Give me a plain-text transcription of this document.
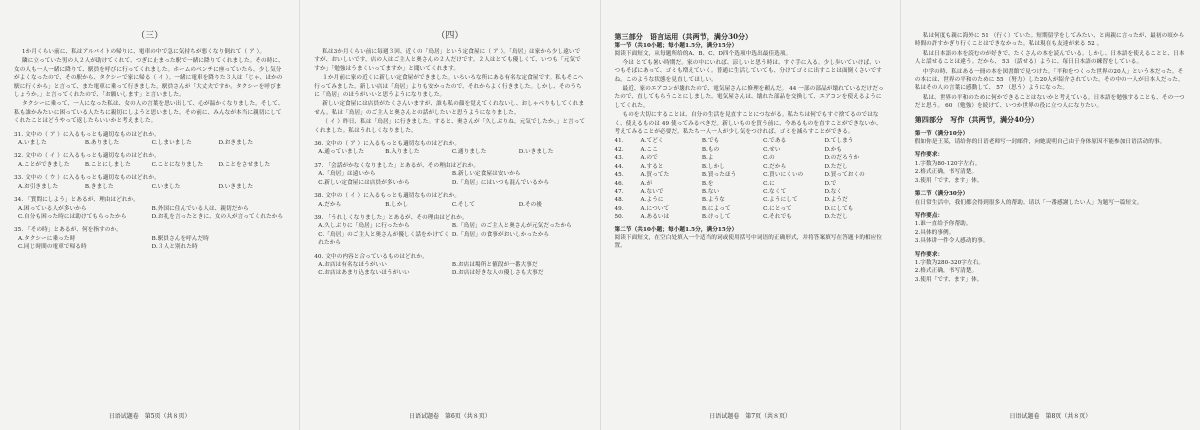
（三）

1か月くらい前に、私はアルバイトの帰りに、電車の中で急に気持ちが悪くなり倒れて（ ア ）。

隣に立っていた男の人２人が助けてくれて、つぎに止まった駅で一緒に降りてくれました。その時に、女の人も一人一緒に降りて、駅員を呼びに行ってくれました。ホームのベンチに座っていたら、少し気分がよくなったので、その駅から、タクシーで家に帰る（ イ ）。一緒に電車を降りた３人は「じゃ、ほかの駅に行くから」と言って、また電車に乗って行きました。駅員さんが「大丈夫ですか。タクシーを呼びましょうか。」と言ってくれたので、「お願いします」と言いました。

タクシーに乗って、一人になった私は、女の人の言葉を思い出して、心が温かくなりました。そして、私も誰かみたいに困っている人たちに親切にしようと思いました。その前に、みんなが本当に親切にしてくれたことはどうやって返したらいいかと考えました。

31. 文中の（ ア ）に入るもっとも適切なものはどれか。
A.いました	B.ありました	C.しまいました	D.おきました
32. 文中の（ イ ）に入るもっとも適切なものはどれか。
A.ことができました	B.ことにしました	C.ことになりました	D.ことをさせました
33. 文中の（ ウ ）に入るもっとも適切なものはどれか。
A.お引きました	B.きました	C.いました	D.いきました
34. 「質問にしよう」とあるが、理由はどれか。
A.困っている人が多いから	B.外国に住んでいる人は、親切だから
C.自分も困った時には助けてもらったから	D.お礼を言ったときに、女の人が言ってくれたから
35. 「その時」とあるが、何を指すのか。
A.タクシーに乗った時	B.駅員さんを呼んだ時
C.同じ時間の電車で帰る時	D.３人と別れた時
日语试题卷　第5页（共８页）
（四）

私は3か月くらい前に毎週３回、近くの「鳥居」という定食屋に（ ア ）。「鳥居」は家から少し遠いですが、おいしいです。店の人はご主人と奥さんの２人だけです。２人はとても優しくて、いつも「元気ですか」「勉強はうまくいってますか」と聞いてくれます。

１か月前に家の近くに新しい定食屋ができました。いろいろな所にある有名な定食屋です。私もそこへ行ってみました。新しい店は「鳥居」よりも安かったので、それからよく行きました。しかし、そのうちに「鳥居」のほうがいいと思うようになりました。

新しい定食屋には店員がたくさんいますが、誰も私の顔を覚えてくれないし、おしゃべりもしてくれません。私は「鳥居」のご主人と奥さんとの話がしたいと思うようになりました。

（ イ ）昨日、私は「鳥居」に行きました。すると、奥さんが「久しぶりね。元気でしたか。」と言ってくれました。私はうれしくなりました。

36. 文中の（ ア ）に入るもっとも適切なものはどれか。
A.通っていました	B.入りました	C.通りました	D.いきました
37. 「会話がかなくなりました」とあるが、その理由はどれか。
A.「鳥居」は遠いから	B.新しい定食屋は安いから
C.新しい定食屋には店員が多いから	D.「鳥居」にはいつも混んでいるから
38. 文中の（ イ ）に入るもっとも適切なものはどれか。
A.だから	B.しかし	C.そして	D.その後
39. 「うれしくなりました」とあるが、その理由はどれか。
A.久しぶりに「鳥居」に行ったから	B.「鳥居」のご主人と奥さんが元気だったから
C.「鳥居」のご主人と奥さんが優しく話をかけてくれたから
D.「鳥居」の食事がおいしかったから
40. 文中の内容と合っているものはどれか。
A.お店は有名なほうがいい	B.お店は場所と値段が一番大事だ
C.お店はあまり込まないほうがいい	D.お店は好きな人の優しさも大事だ
日语试题卷　第6页（共８页）
第三部分　语言运用（共两节，满分30分）
第一节（共10小题；每小题1.5分，满分15分）
阅读下面短文，从每题所给的A、B、C、D四个选项中选出最佳选项。

今は とても暑い時期だ。家の中にいれば、涼しいと思う時は、すぐ手に入る。少し歩いていけば、いつもそばにあって、ゴミも増えていく。普通に生活していても、分けてゴミに出すことは面倒くさいですね。このような状態を見直してほしい。

最近、家のエアコンが壊れたので、電気屋さんに修理を頼んだ。 44 一部の部品が壊れているだけだったので、直してもらうことにしました。電気屋さんは、壊れた部品を交換して、エアコンを使えるようにしてくれた。

ものを大切にすることは、自分の生活を見直すことにつながる。私たちは何でもすぐ捨てるのではなく、使えるものは 49 使ってみるべきだ。新しいものを買う前に、今あるものを直すことができないか、考えてみることが必要だ。私たち一人一人が少し気をつければ、ゴミを減らすことができる。

41.	A.てどく	B.でも	C.である	D.てしまう
42.	A.ここ	B.もの	C.せい	D.かも
43.	A.ので	B.よ	C.の	D.のだろうか
44.	A.すると	B.しかし	C.だから	D.ただし
45.	A.買ってた	B.買ったほう	C.買いにくいの	D.買っておくの
46.	A.が	B.を	C.に	D.で
47.	A.ないで	B.ない	C.なくて	D.なく
48.	A.ように	B.ような	C.ようにして	D.ようだ
49.	A.について	B.によって	C.にとって	D.にしても
50.	A.あるいは	B.けっして	C.それでも	D.ただし
第二节（共10小题；每小题1.5分，满分15分）
阅读下面短文，在空白处填入一个适当的词或使用括号中词语的正确形式，并将答案填写在答题卡的相应位置。
日语试题卷　第7页（共８页）

私は何度も親に海外に 51 （行く）ていた。短期留学をしてみたい、と両親に言ったが、最初の頃から時間の許すかぎり行くことはできなかった。私は現在も友達が来る 52 。

私は日本語の本を読むのが好きで、たくさんの本を読んでいる。しかし、日本語を使えることと、日本人と話せることは違う。だから、 53 （話せる）ように、毎日日本語の練習をしている。

中学の時、私はある一冊の本を図書館で見つけた。「平和をつくった世界の20人」という本だった。その本には、世界の平和のために 55 （努力）した20人が紹介されていた。その中の一人が日本人だった。私はその人の言葉に感動して、 57 （思う）ようになった。

私は、世界の平和のために何かできることはないかと考えている。日本語を勉強することも、その一つだと思う。 60 （勉強）を続けて、いつか世界の役に立つ人になりたい。

第四部分　写作（共两节，满分40分）
第一节（满分10分）
假如你是王某，请给你的日语老师写一封邮件，向她说明自己由于身体原因不能参加日语活动的事。
写作要求：
1.字数为80-120字左右。
2.格式正确，书写清楚。
3.使用「です、ます」体。
第二节（满分30分）
在日常生活中，我们都会得到很多人的帮助。请以「一番感謝したい人」为题写一篇短文。
写作要点：
1.谁一直给予你帮助。
2.具体的事例。
3.具体讲一件令人感动的事。
写作要求：
1.字数为280-320字左右。
2.格式正确，书写清楚。
3.使用「です、ます」体。
日语试题卷　第8页（共８页）
